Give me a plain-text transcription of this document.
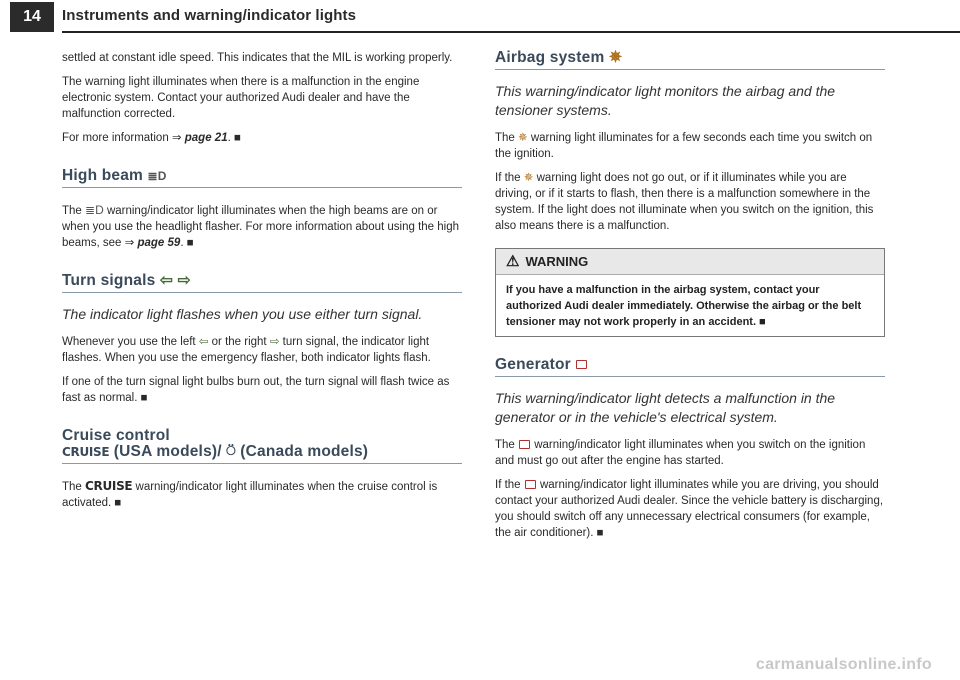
14	Instruments and warning/indicator lights

settled at constant idle speed. This indicates that the MIL is working properly.

The warning light illuminates when there is a malfunction in the engine electronic system. Contact your authorized Audi dealer and have the malfunction corrected.

For more information ⇒ page 21. ■

High beam ≣D

The ≣D warning/indicator light illuminates when the high beams are on or when you use the headlight flasher. For more information about using the high beams, see ⇒ page 59. ■

Turn signals ⇦ ⇨
The indicator light flashes when you use either turn signal.

Whenever you use the left ⇦ or the right ⇨ turn signal, the indicator light flashes. When you use the emergency flasher, both indicator lights flash.

If one of the turn signal light bulbs burn out, the turn signal will flash twice as fast as normal. ■

Cruise control
CRUISE (USA models)/ ⍥ (Canada models)

The CRUISE warning/indicator light illuminates when the cruise control is activated. ■

Airbag system ✵
This warning/indicator light monitors the airbag and the tensioner systems.

The ✵ warning light illuminates for a few seconds each time you switch on the ignition.

If the ✵ warning light does not go out, or if it illuminates while you are driving, or if it starts to flash, then there is a malfunction somewhere in the system. If the light does not illuminate when you switch on the ignition, this also means there is a malfunction.

⚠ WARNING
If you have a malfunction in the airbag system, contact your authorized Audi dealer immediately. Otherwise the airbag or the belt tensioner may not work properly in an accident. ■
Generator
This warning/indicator light detects a malfunction in the generator or in the vehicle's electrical system.

The  warning/indicator light illuminates when you switch on the ignition and must go out after the engine has started.

If the  warning/indicator light illuminates while you are driving, you should contact your authorized Audi dealer. Since the vehicle battery is discharging, you should switch off any unnecessary electrical consumers (for example, the air conditioner). ■

carmanualsonline.info
